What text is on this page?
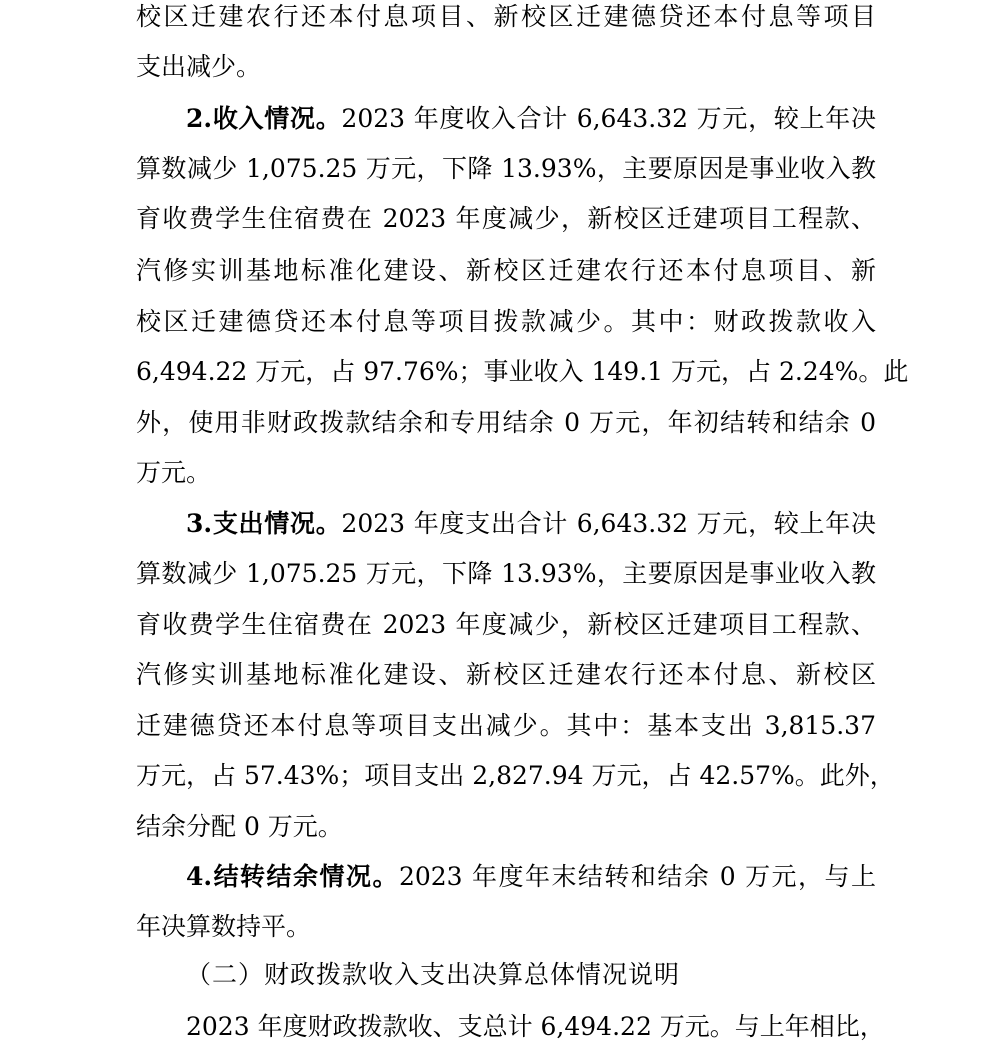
校区迁建农行还本付息项目、新校区迁建德贷还本付息等项目
支出减少。
2.收入情况。2023 年度收入合计 6,643.32 万元，较上年决
算数减少 1,075.25 万元，下降 13.93%，主要原因是事业收入教
育收费学生住宿费在 2023 年度减少，新校区迁建项目工程款、
汽修实训基地标准化建设、新校区迁建农行还本付息项目、新
校区迁建德贷还本付息等项目拨款减少。其中：财政拨款收入
6,494.22 万元，占 97.76%；事业收入 149.1 万元，占 2.24%。此
外，使用非财政拨款结余和专用结余 0 万元，年初结转和结余 0
万元。
3.支出情况。2023 年度支出合计 6,643.32 万元，较上年决
算数减少 1,075.25 万元，下降 13.93%，主要原因是事业收入教
育收费学生住宿费在 2023 年度减少，新校区迁建项目工程款、
汽修实训基地标准化建设、新校区迁建农行还本付息、新校区
迁建德贷还本付息等项目支出减少。其中：基本支出 3,815.37
万元，占 57.43%；项目支出 2,827.94 万元，占 42.57%。此外，
结余分配 0 万元。
4.结转结余情况。2023 年度年末结转和结余 0 万元，与上
年决算数持平。
（二）财政拨款收入支出决算总体情况说明
2023 年度财政拨款收、支总计 6,494.22 万元。与上年相比，
